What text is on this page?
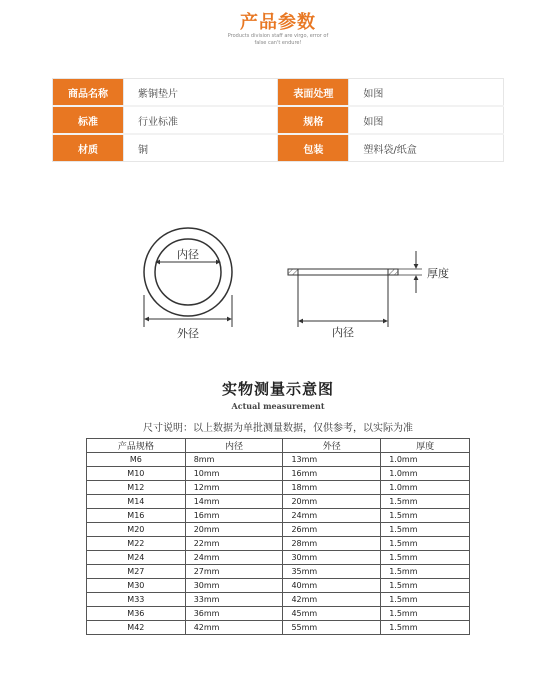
产品参数
Products division staff are virgo, error of
false can't endure!
商品名称	紫铜垫片	表面处理	如图
标准	行业标准	规格	如图
材质	铜	包装	塑料袋/纸盒
内径
外径	内径
厚度
实物测量示意图
Actual measurement
尺寸说明：以上数据为单批测量数据，仅供参考，以实际为准
产品规格	内径	外径	厚度
M6	8mm	13mm	1.0mm
M10	10mm	16mm	1.0mm
M12	12mm	18mm	1.0mm
M14	14mm	20mm	1.5mm
M16	16mm	24mm	1.5mm
M20	20mm	26mm	1.5mm
M22	22mm	28mm	1.5mm
M24	24mm	30mm	1.5mm
M27	27mm	35mm	1.5mm
M30	30mm	40mm	1.5mm
M33	33mm	42mm	1.5mm
M36	36mm	45mm	1.5mm
M42	42mm	55mm	1.5mm
